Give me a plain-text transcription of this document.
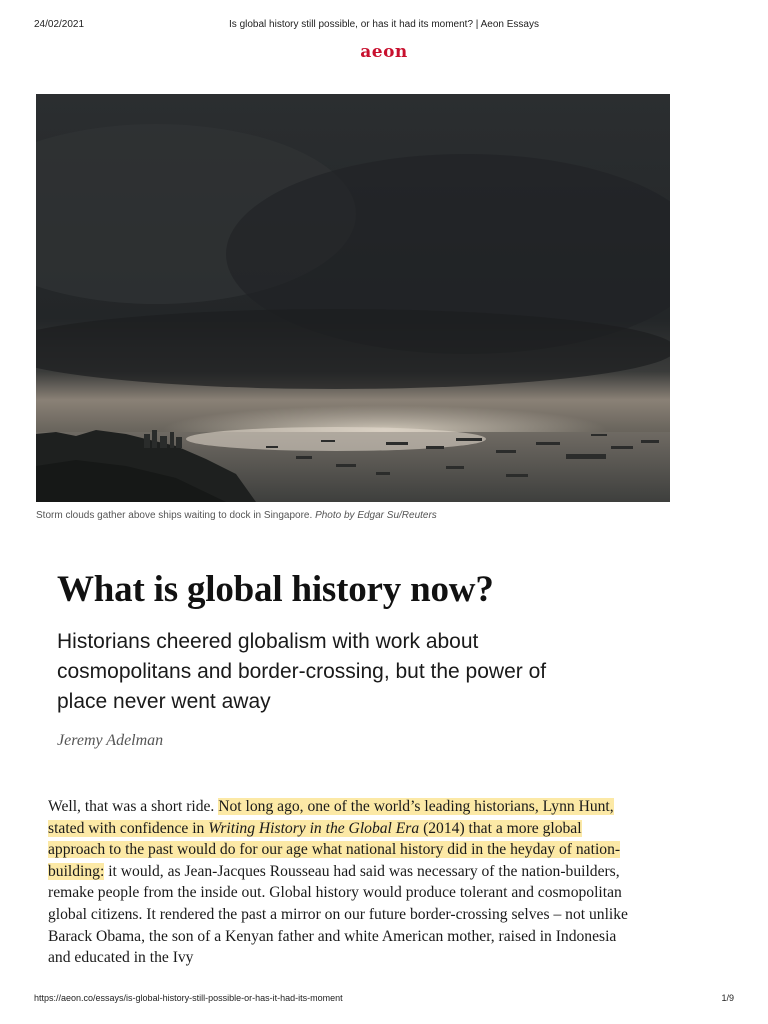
24/02/2021	Is global history still possible, or has it had its moment? | Aeon Essays
aeon
Storm clouds gather above ships waiting to dock in Singapore. Photo by Edgar Su/Reuters
What is global history now?
Historians cheered globalism with work about cosmopolitans and border-crossing, but the power of place never went away
Jeremy Adelman

Well, that was a short ride. Not long ago, one of the world’s leading historians, Lynn Hunt, stated with confidence in Writing History in the Global Era (2014) that a more global approach to the past would do for our age what national history did in the heyday of nation-building: it would, as Jean-Jacques Rousseau had said was necessary of the nation-builders, remake people from the inside out. Global history would produce tolerant and cosmopolitan global citizens. It rendered the past a mirror on our future border-crossing selves – not unlike Barack Obama, the son of a Kenyan father and white American mother, raised in Indonesia and educated in the Ivy

https://aeon.co/essays/is-global-history-still-possible-or-has-it-had-its-moment	1/9
